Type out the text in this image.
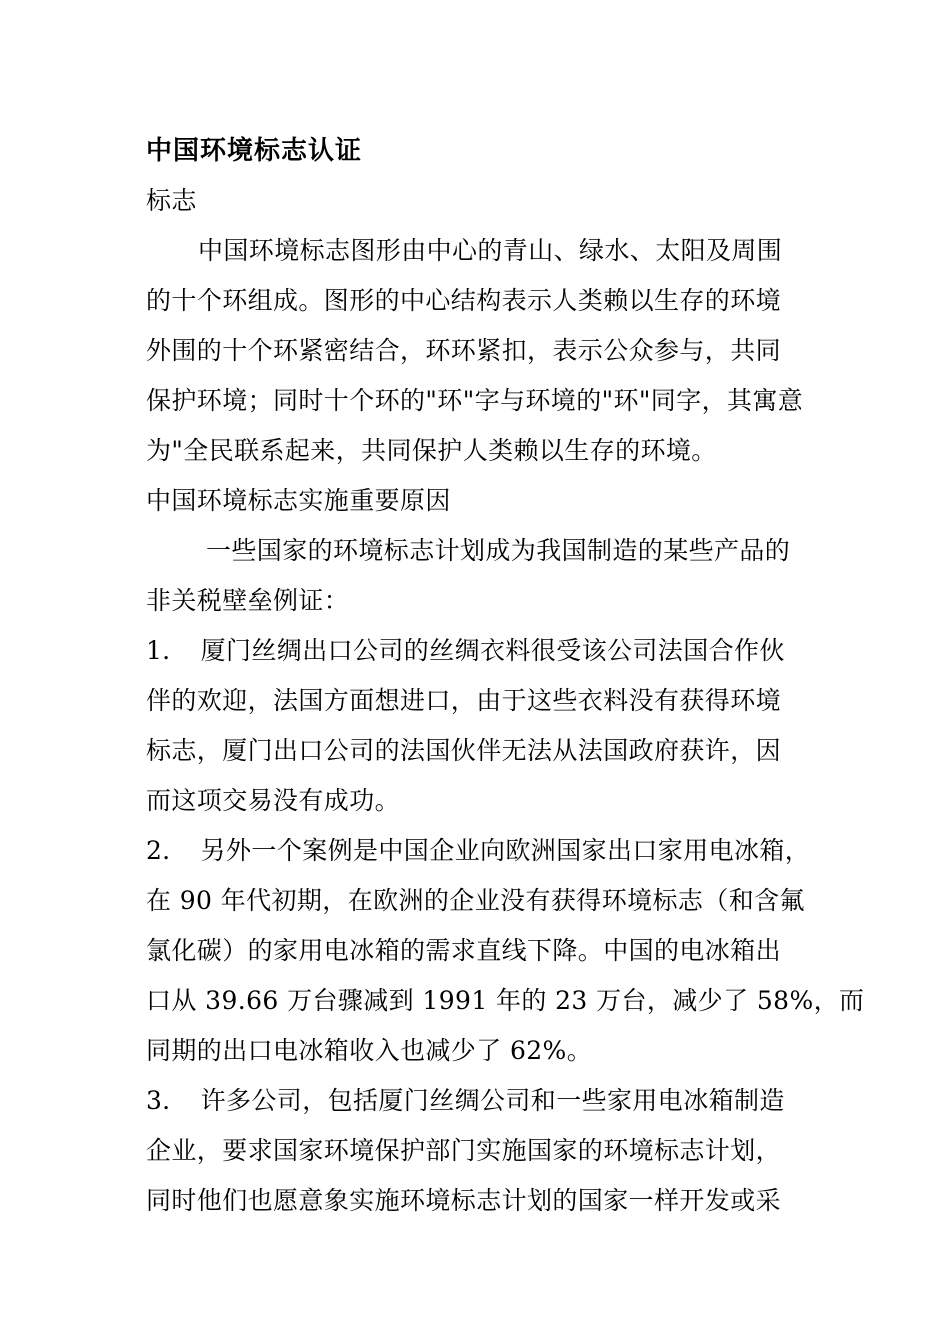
中国环境标志认证
标志
中国环境标志图形由中心的青山、绿水、太阳及周围
的十个环组成。图形的中心结构表示人类赖以生存的环境
外围的十个环紧密结合，环环紧扣，表示公众参与，共同
保护环境；同时十个环的"环"字与环境的"环"同字，其寓意
为"全民联系起来，共同保护人类赖以生存的环境。
中国环境标志实施重要原因
一些国家的环境标志计划成为我国制造的某些产品的
非关税壁垒例证：
1．　厦门丝绸出口公司的丝绸衣料很受该公司法国合作伙
伴的欢迎，法国方面想进口，由于这些衣料没有获得环境
标志，厦门出口公司的法国伙伴无法从法国政府获许，因
而这项交易没有成功。
2．　另外一个案例是中国企业向欧洲国家出口家用电冰箱，
在 90 年代初期，在欧洲的企业没有获得环境标志（和含氟
氯化碳）的家用电冰箱的需求直线下降。中国的电冰箱出
口从 39.66 万台骤减到 1991 年的 23 万台，减少了 58%，而
同期的出口电冰箱收入也减少了 62%。
3．　许多公司，包括厦门丝绸公司和一些家用电冰箱制造
企业，要求国家环境保护部门实施国家的环境标志计划，
同时他们也愿意象实施环境标志计划的国家一样开发或采
